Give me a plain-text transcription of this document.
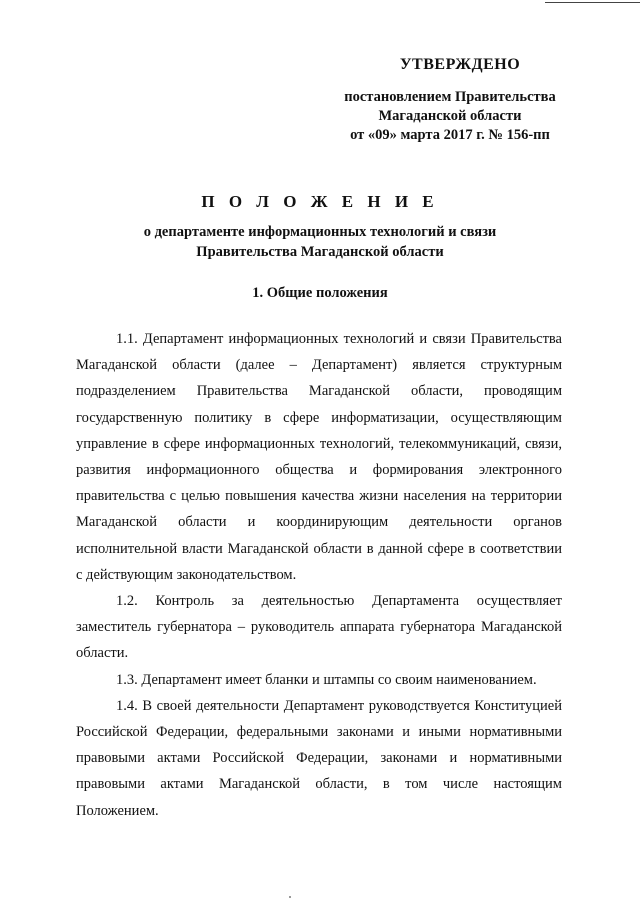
УТВЕРЖДЕНО
постановлением Правительства
Магаданской области
от «09» марта 2017 г. № 156-пп
П О Л О Ж Е Н И Е
о департаменте информационных технологий и связи
Правительства Магаданской области
1. Общие положения

1.1. Департамент информационных технологий и связи Правительства Магаданской области (далее – Департамент) является структурным подразделением Правительства Магаданской области, проводящим государственную политику в сфере информатизации, осуществляющим управление в сфере информационных технологий, телекоммуникаций, связи, развития информационного общества и формирования электронного правительства с целью повышения качества жизни населения на территории Магаданской области и координирующим деятельности органов исполнительной власти Магаданской области в данной сфере в соответствии с действующим законодательством.

1.2. Контроль за деятельностью Департамента осуществляет заместитель губернатора – руководитель аппарата губернатора Магаданской области.

1.3. Департамент имеет бланки и штампы со своим наименованием.

1.4. В своей деятельности Департамент руководствуется Конституцией Российской Федерации, федеральными законами и иными нормативными правовыми актами Российской Федерации, законами и нормативными правовыми актами Магаданской области, в том числе настоящим Положением.
